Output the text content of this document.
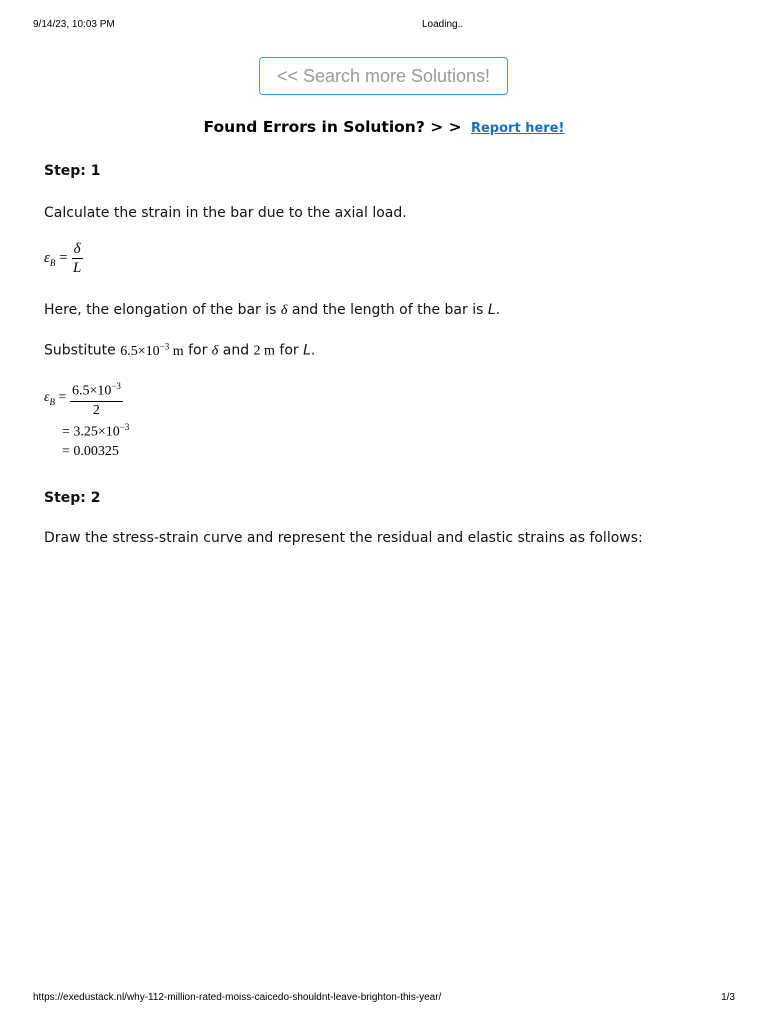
9/14/23, 10:03 PM	Loading..
<< Search more Solutions!
Found Errors in Solution? > > Report here!
Step: 1
Calculate the strain in the bar due to the axial load.
$\varepsilon_B = \frac{\delta}{L}$
Here, the elongation of the bar is δ and the length of the bar is L.
Substitute $6.5\times 10^{-3}$ m for δ and 2 m for L.
$\varepsilon_B = \frac{6.5\times 10^{-3}}{2}$
= $3.25\times 10^{-3}$
= 0.00325
Step: 2
Draw the stress-strain curve and represent the residual and elastic strains as follows:
https://exedustack.nl/why-112-million-rated-moiss-caicedo-shouldnt-leave-brighton-this-year/	1/3
